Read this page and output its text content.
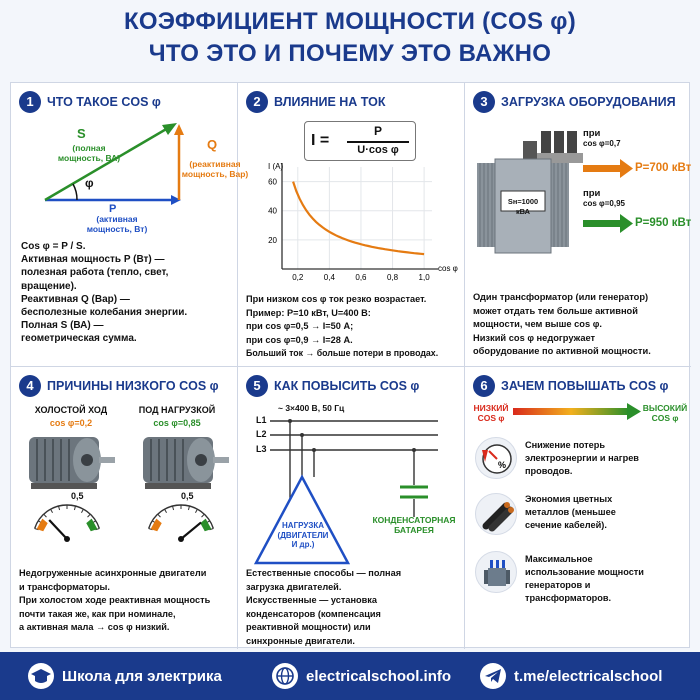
КОЭФФИЦИЕНТ МОЩНОСТИ (COS φ)
ЧТО ЭТО И ПОЧЕМУ ЭТО ВАЖНО
1	ЧТО ТАКОЕ COS φ
S
(полная
мощность, ВА)
φ
Q
(реактивная
мощность, Вар)
P
(активная
мощность, Вт)
Cos φ = P / S.
Активная мощность P (Вт) —
полезная работа (тепло, свет,
вращение).
Реактивная Q (Вар) —
бесполезные колебания энергии.
Полная S (ВА) —
геометрическая сумма.
2	ВЛИЯНИЕ НА ТОК
I =
P
U·cos φ
20
40
60
0,2	0,4	0,6	0,8	1,0
I (А)
cos φ
При низком cos φ ток резко возрастает.
Пример: P=10 кВт, U=400 В:
при cos φ=0,5 → I=50 А;
при cos φ=0,9 → I=28 А.
Больший ток → больше потери в проводах.
3	ЗАГРУЗКА ОБОРУДОВАНИЯ
Sн=1000 кВА
при
cos φ=0,7
P=700 кВт
при
cos φ=0,95
P=950 кВт
Один трансформатор (или генератор)
может отдать тем больше активной
мощности, чем выше cos φ.
Низкий cos φ недогружает
оборудование по активной мощности.
4	ПРИЧИНЫ НИЗКОГО COS φ
ХОЛОСТОЙ ХОД
cos φ=0,2
ПОД НАГРУЗКОЙ
cos φ=0,85
0,5	0,5
Недогруженные асинхронные двигатели
и трансформаторы.
При холостом ходе реактивная мощность
почти такая же, как при номинале,
а активная мала → cos φ низкий.
5	КАК ПОВЫСИТЬ COS φ
~ 3×400 В, 50 Гц
L1
L2
L3
НАГРУЗКА
(ДВИГАТЕЛИ
И др.)
КОНДЕНСАТОРНАЯ
БАТАРЕЯ
Естественные способы — полная
загрузка двигателей.
Искусственные — установка
конденсаторов (компенсация
реактивной мощности) или
синхронные двигатели.
6	ЗАЧЕМ ПОВЫШАТЬ COS φ
НИЗКИЙ
COS φ
ВЫСОКИЙ
COS φ
%
Снижение потерь
электроэнергии и нагрев
проводов.
Экономия цветных
металлов (меньшее
сечение кабелей).
Максимальное
использование мощности
генераторов и
трансформаторов.
Школа для электрика	electricalschool.info	t.me/electricalschool
